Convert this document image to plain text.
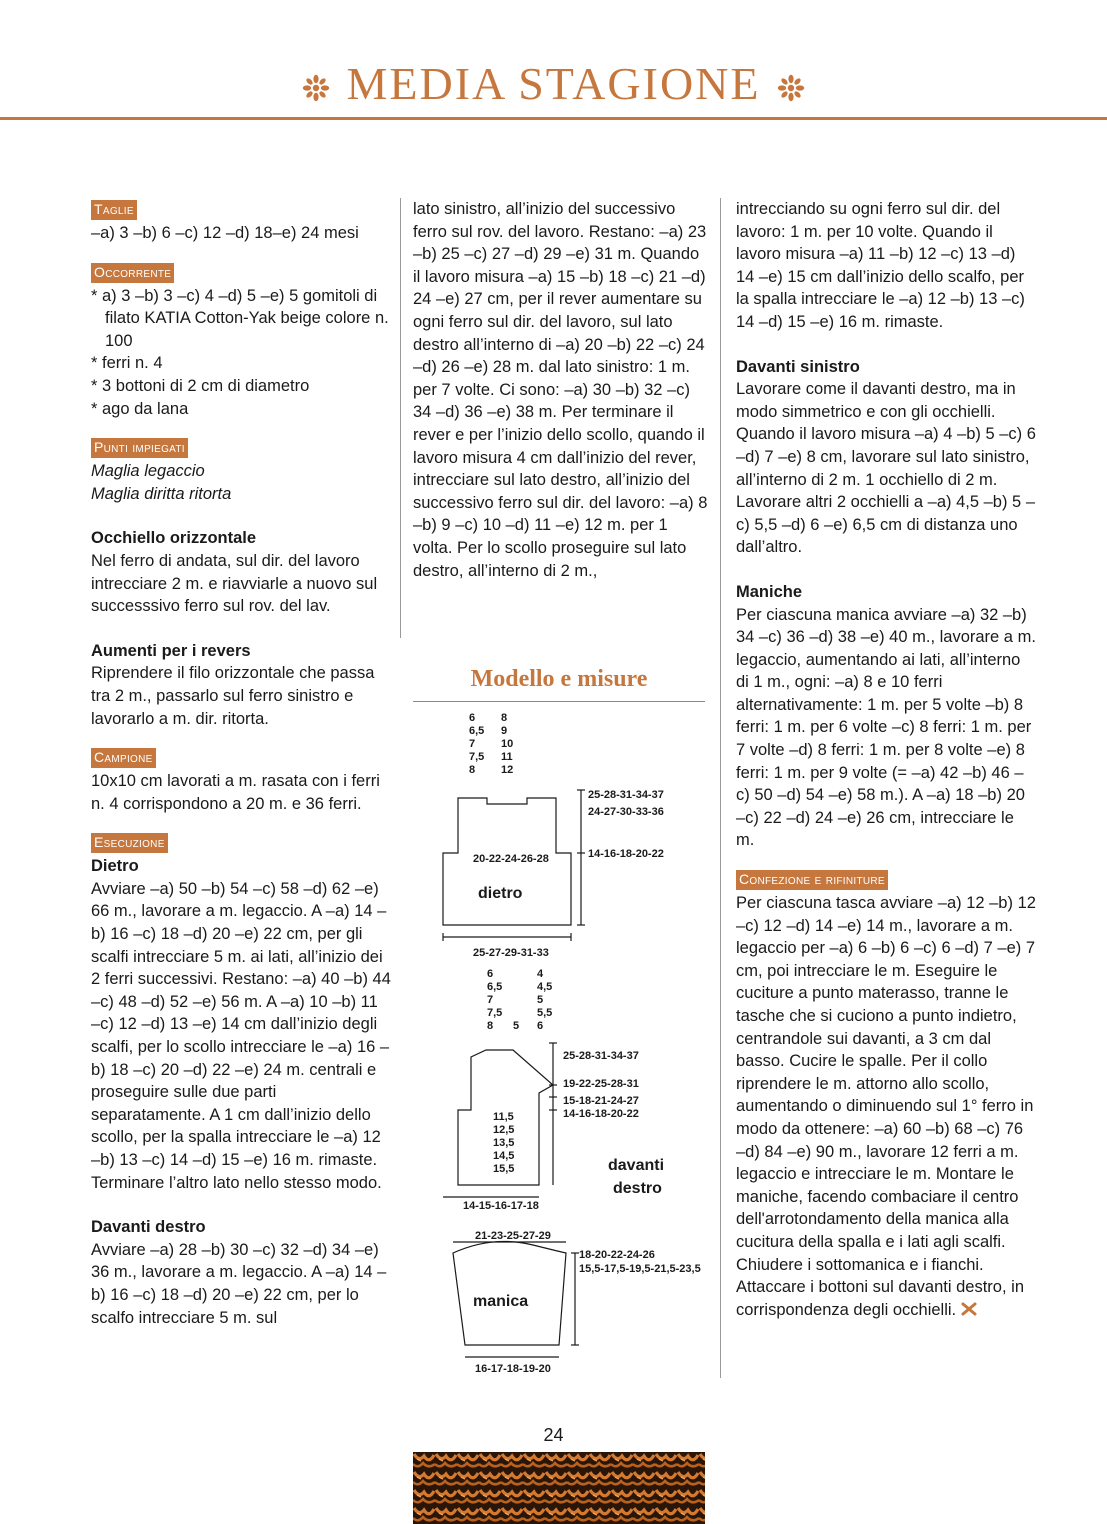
MEDIA STAGIONE
Taglie

–a) 3 –b) 6 –c) 12 –d) 18–e) 24 mesi

Occorrente

* a) 3 –b) 3 –c) 4 –d) 5 –e) 5 gomitoli di filato KATIA Cotton-Yak beige colore n. 100

* ferri n. 4

* 3 bottoni di 2 cm di diametro

* ago da lana

Punti impiegati

Maglia legaccio

Maglia diritta ritorta

Occhiello orizzontale

Nel ferro di andata, sul dir. del lavoro intrecciare 2 m. e riavviarle a nuovo sul successsivo ferro sul rov. del lav.

Aumenti per i revers

Riprendere il filo orizzontale che passa tra 2 m., passarlo sul ferro sinistro e lavorarlo a m. dir. ritorta.

Campione

10x10 cm lavorati a m. rasata con i ferri n. 4 corrispondono a 20 m. e 36 ferri.

Esecuzione

Dietro

Avviare –a) 50 –b) 54 –c) 58 –d) 62 –e) 66 m., lavorare a m. legaccio. A –a) 14 –b) 16 –c) 18 –d) 20 –e) 22 cm, per gli scalfi intrecciare 5 m. ai lati, all’inizio dei 2 ferri successivi. Restano: –a) 40 –b) 44 –c) 48 –d) 52 –e) 56 m. A –a) 10 –b) 11 –c) 12 –d) 13 –e) 14 cm dall’inizio degli scalfi, per lo scollo intrecciare le –a) 16 –b) 18 –c) 20 –d) 22 –e) 24 m. centrali e proseguire sulle due parti separatamente. A 1 cm dall’inizio dello scollo, per la spalla intrecciare le –a) 12 –b) 13 –c) 14 –d) 15 –e) 16 m. rimaste. Terminare l’altro lato nello stesso modo.

Davanti destro

Avviare –a) 28 –b) 30 –c) 32 –d) 34 –e) 36 m., lavorare a m. legaccio. A –a) 14 –b) 16 –c) 18 –d) 20 –e) 22 cm, per lo scalfo intrecciare 5 m. sul

lato sinistro, all’inizio del successivo ferro sul rov. del lavoro. Restano: –a) 23 –b) 25 –c) 27 –d) 29 –e) 31 m. Quando il lavoro misura –a) 15 –b) 18 –c) 21 –d) 24 –e) 27 cm, per il rever aumentare su ogni ferro sul dir. del lavoro, sul lato destro all’interno di –a) 20 –b) 22 –c) 24 –d) 26 –e) 28 m. dal lato sinistro: 1 m. per 7 volte. Ci sono: –a) 30 –b) 32 –c) 34 –d) 36 –e) 38 m. Per terminare il rever e per l’inizio dello scollo, quando il lavoro misura 4 cm dall’inizio del rever, intrecciare sul lato destro, all’inizio del successivo ferro sul dir. del lavoro: –a) 8 –b) 9 –c) 10 –d) 11 –e) 12 m. per 1 volta. Per lo scollo proseguire sul lato destro, all’interno di 2 m.,

Modello e misure
6
6,5
7
7,5
8
8
9
10
11
12
25-28-31-34-37
24-27-30-33-36
14-16-18-20-22
20-22-24-26-28
dietro
25-27-29-31-33
6
6,5
7
7,5
8 5
4
4,5
5
5,5
6
25-28-31-34-37
19-22-25-28-31
15-18-21-24-27
14-16-18-20-22
11,5
12,5
13,5
14,5
15,5	davanti
destro
14-15-16-17-18
21-23-25-27-29
18-20-22-24-26
15,5-17,5-19,5-21,5-23,5
manica
16-17-18-19-20

intrecciando su ogni ferro sul dir. del lavoro: 1 m. per 10 volte. Quando il lavoro misura –a) 11 –b) 12 –c) 13 –d) 14 –e) 15 cm dall’inizio dello scalfo, per la spalla intrecciare le –a) 12 –b) 13 –c) 14 –d) 15 –e) 16 m. rimaste.

Davanti sinistro

Lavorare come il davanti destro, ma in modo simmetrico e con gli occhielli. Quando il lavoro misura –a) 4 –b) 5 –c) 6 –d) 7 –e) 8 cm, lavorare sul lato sinistro, all’interno di 2 m. 1 occhiello di 2 m. Lavorare altri 2 occhielli a –a) 4,5 –b) 5 –c) 5,5 –d) 6 –e) 6,5 cm di distanza uno dall’altro.

Maniche

Per ciascuna manica avviare –a) 32 –b) 34 –c) 36 –d) 38 –e) 40 m., lavorare a m. legaccio, aumentando ai lati, all’interno di 1 m., ogni: –a) 8 e 10 ferri alternativamente: 1 m. per 5 volte –b) 8 ferri: 1 m. per 6 volte –c) 8 ferri: 1 m. per 7 volte –d) 8 ferri: 1 m. per 8 volte –e) 8 ferri: 1 m. per 9 volte (= –a) 42 –b) 46 –c) 50 –d) 54 –e) 58 m.). A –a) 18 –b) 20 –c) 22 –d) 24 –e) 26 cm, intrecciare le m.

Confezione e rifiniture

Per ciascuna tasca avviare –a) 12 –b) 12 –c) 12 –d) 14 –e) 14 m., lavorare a m. legaccio per –a) 6 –b) 6 –c) 6 –d) 7 –e) 7 cm, poi intrecciare le m. Eseguire le cuciture a punto materasso, tranne le tasche che si cuciono a punto indietro, centrandole sui davanti, a 3 cm dal basso. Cucire le spalle. Per il collo riprendere le m. attorno allo scollo, aumentando o diminuendo sul 1° ferro in modo da ottenere: –a) 60 –b) 68 –c) 76 –d) 84 –e) 90 m., lavorare 12 ferri a m. legaccio e intrecciare le m. Montare le maniche, facendo combaciare il centro dell'arrotondamento della manica alla cucitura della spalla e i lati agli scalfi. Chiudere i sottomanica e i fianchi. Attaccare i bottoni sul davanti destro, in corrispondenza degli occhielli.

24
